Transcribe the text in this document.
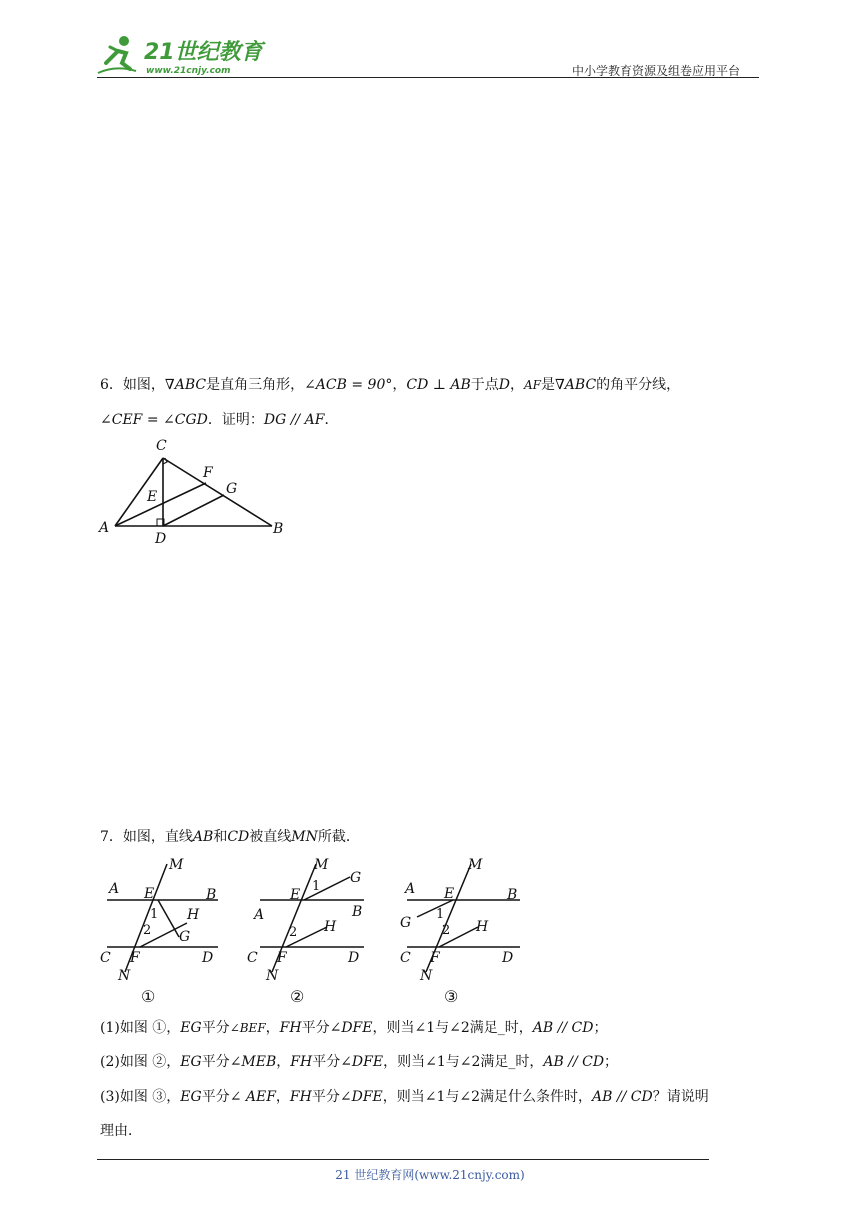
21世纪教育
www.21cnjy.com	中小学教育资源及组卷应用平台
6．如图，∇ABC是直角三角形，∠ACB = 90°，CD ⊥ AB于点D，AF是∇ABC的角平分线，
∠CEF = ∠CGD．证明：DG // AF．
C
F
G
E
A
D
B
7．如图，直线AB和CD被直线MN所截．
M
A E	B
1 H
2 G
C F	D
N
①
M
E
1
G
A	B
2 H
C F	D
N
②
M
A E	B
G
1
2 H
C F	D
N
③
(1)如图 ①，EG平分∠BEF，FH平分∠DFE，则当∠1与∠2满足_时，AB // CD；
(2)如图 ②，EG平分∠MEB，FH平分∠DFE，则当∠1与∠2满足_时，AB // CD；
(3)如图 ③，EG平分∠ AEF，FH平分∠DFE，则当∠1与∠2满足什么条件时，AB // CD？请说明
理由．
21 世纪教育网(www.21cnjy.com)
